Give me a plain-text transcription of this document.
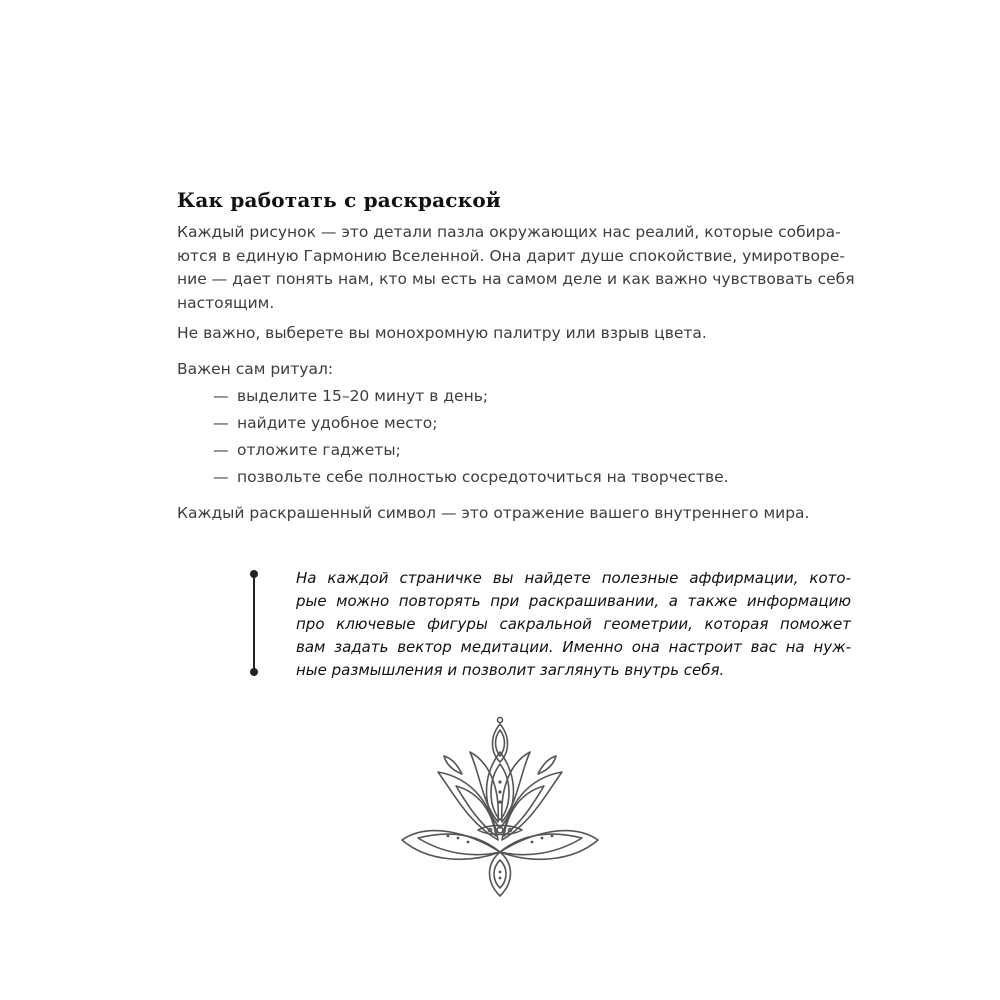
Как работать с раскраской
Каждый рисунок — это детали пазла окружающих нас реалий, которые собира-
ются в единую Гармонию Вселенной. Она дарит душе спокойствие, умиротворе-
ние — дает понять нам, кто мы есть на самом деле и как важно чувствовать себя
настоящим.
Не важно, выберете вы монохромную палитру или взрыв цвета.
Важен сам ритуал:
— выделите 15–20 минут в день;
— найдите удобное место;
— отложите гаджеты;
— позвольте себе полностью сосредоточиться на творчестве.
Каждый раскрашенный символ — это отражение вашего внутреннего мира.
На каждой страничке вы найдете полезные аффирмации, кото-
рые можно повторять при раскрашивании, а также информацию
про ключевые фигуры сакральной геометрии, которая поможет
вам задать вектор медитации. Именно она настроит вас на нуж-
ные размышления и позволит заглянуть внутрь себя.
